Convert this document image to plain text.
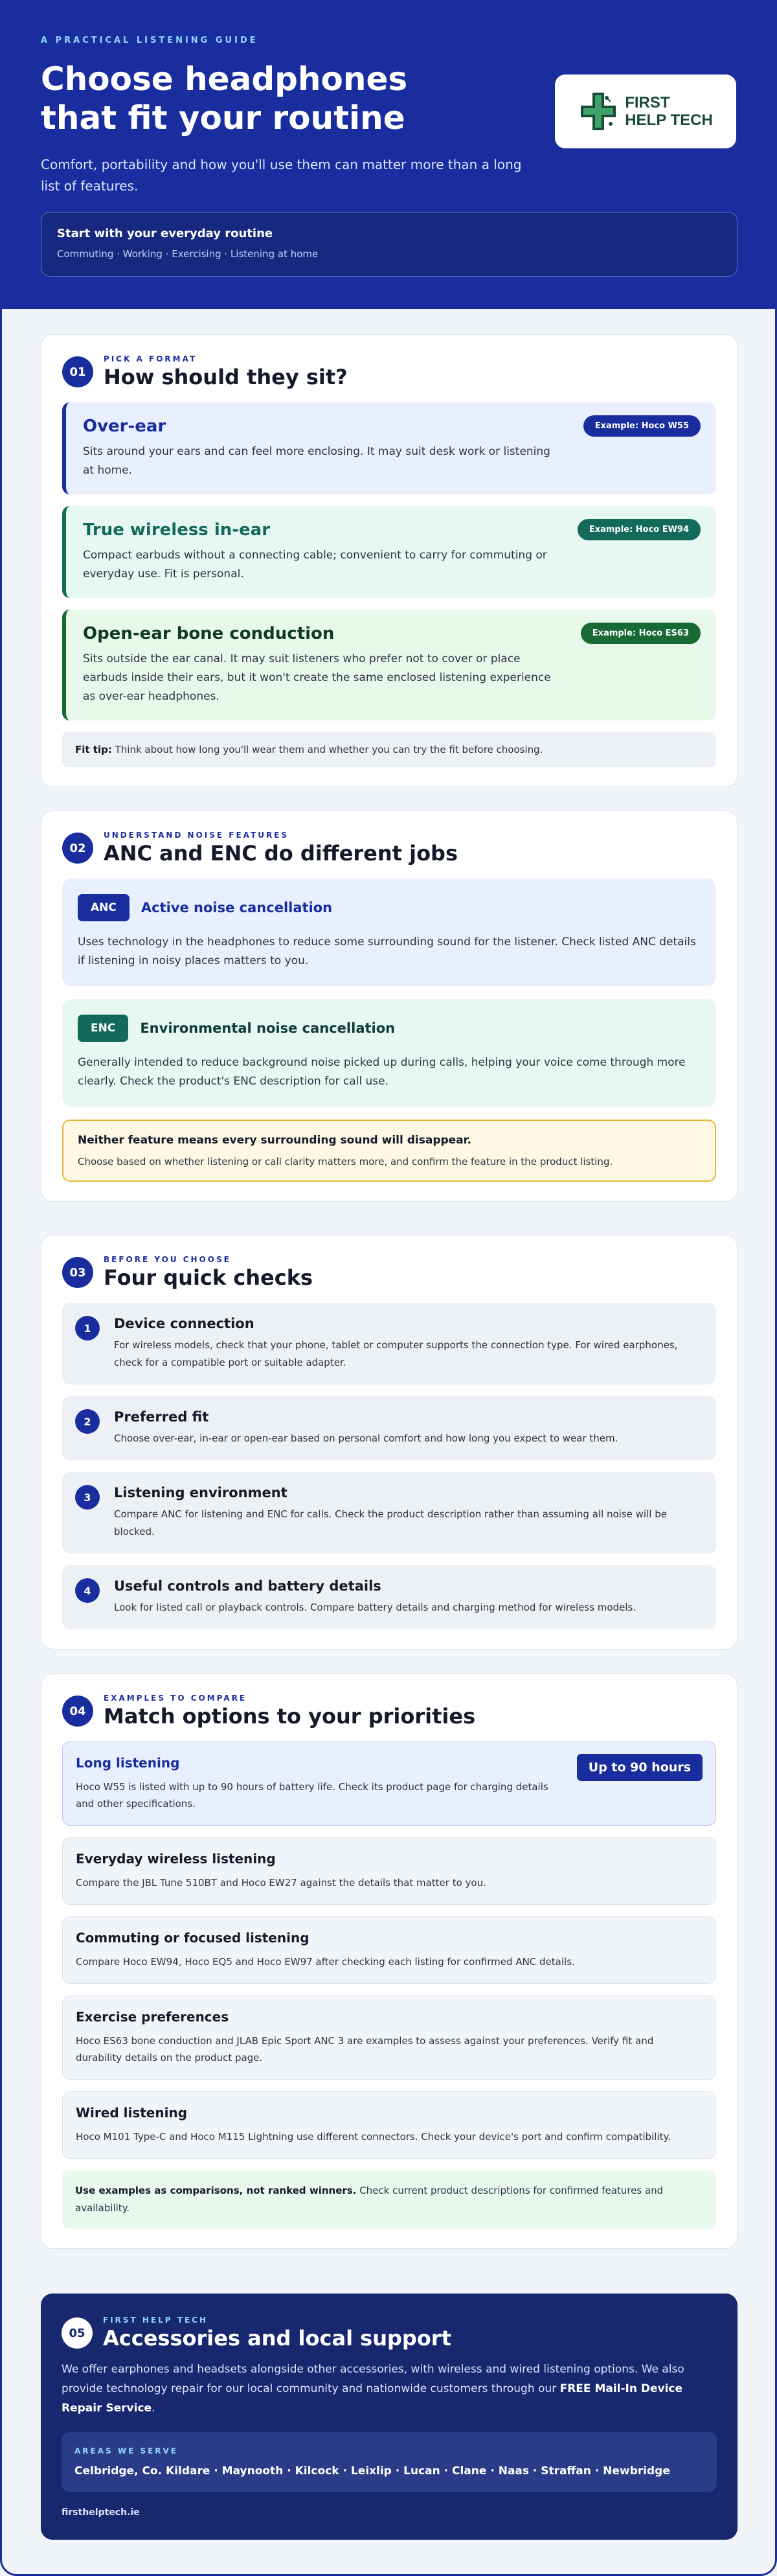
A PRACTICAL LISTENING GUIDE
Choose headphones that fit your routine

Comfort, portability and how you'll use them can matter more than a long list of features.

FIRST
HELP TECH
Start with your everyday routine
Commuting · Working · Exercising · Listening at home
01
PICK A FORMAT
How should they sit?
Over-ear
Sits around your ears and can feel more enclosing. It may suit desk work or listening at home.
Example: Hoco W55
True wireless in-ear
Compact earbuds without a connecting cable; convenient to carry for commuting or everyday use. Fit is personal.
Example: Hoco EW94
Open-ear bone conduction
Sits outside the ear canal. It may suit listeners who prefer not to cover or place earbuds inside their ears, but it won't create the same enclosed listening experience as over-ear headphones.
Example: Hoco ES63
Fit tip: Think about how long you'll wear them and whether you can try the fit before choosing.
02
UNDERSTAND NOISE FEATURES
ANC and ENC do different jobs
ANC	Active noise cancellation
Uses technology in the headphones to reduce some surrounding sound for the listener. Check listed ANC details if listening in noisy places matters to you.
ENC	Environmental noise cancellation
Generally intended to reduce background noise picked up during calls, helping your voice come through more clearly. Check the product's ENC description for call use.
Neither feature means every surrounding sound will disappear.
Choose based on whether listening or call clarity matters more, and confirm the feature in the product listing.
03
BEFORE YOU CHOOSE
Four quick checks
1	Device connection
For wireless models, check that your phone, tablet or computer supports the connection type. For wired earphones, check for a compatible port or suitable adapter.
2	Preferred fit
Choose over-ear, in-ear or open-ear based on personal comfort and how long you expect to wear them.
3	Listening environment
Compare ANC for listening and ENC for calls. Check the product description rather than assuming all noise will be blocked.
4	Useful controls and battery details
Look for listed call or playback controls. Compare battery details and charging method for wireless models.
04
EXAMPLES TO COMPARE
Match options to your priorities
Long listening
Hoco W55 is listed with up to 90 hours of battery life. Check its product page for charging details and other specifications.
Up to 90 hours
Everyday wireless listening
Compare the JBL Tune 510BT and Hoco EW27 against the details that matter to you.
Commuting or focused listening
Compare Hoco EW94, Hoco EQ5 and Hoco EW97 after checking each listing for confirmed ANC details.
Exercise preferences
Hoco ES63 bone conduction and JLAB Epic Sport ANC 3 are examples to assess against your preferences. Verify fit and durability details on the product page.
Wired listening
Hoco M101 Type-C and Hoco M115 Lightning use different connectors. Check your device's port and confirm compatibility.
Use examples as comparisons, not ranked winners. Check current product descriptions for confirmed features and availability.
05
FIRST HELP TECH
Accessories and local support

We offer earphones and headsets alongside other accessories, with wireless and wired listening options. We also provide technology repair for our local community and nationwide customers through our FREE Mail-In Device Repair Service.

AREAS WE SERVE
Celbridge, Co. Kildare · Maynooth · Kilcock · Leixlip · Lucan · Clane · Naas · Straffan · Newbridge
firsthelptech.ie
